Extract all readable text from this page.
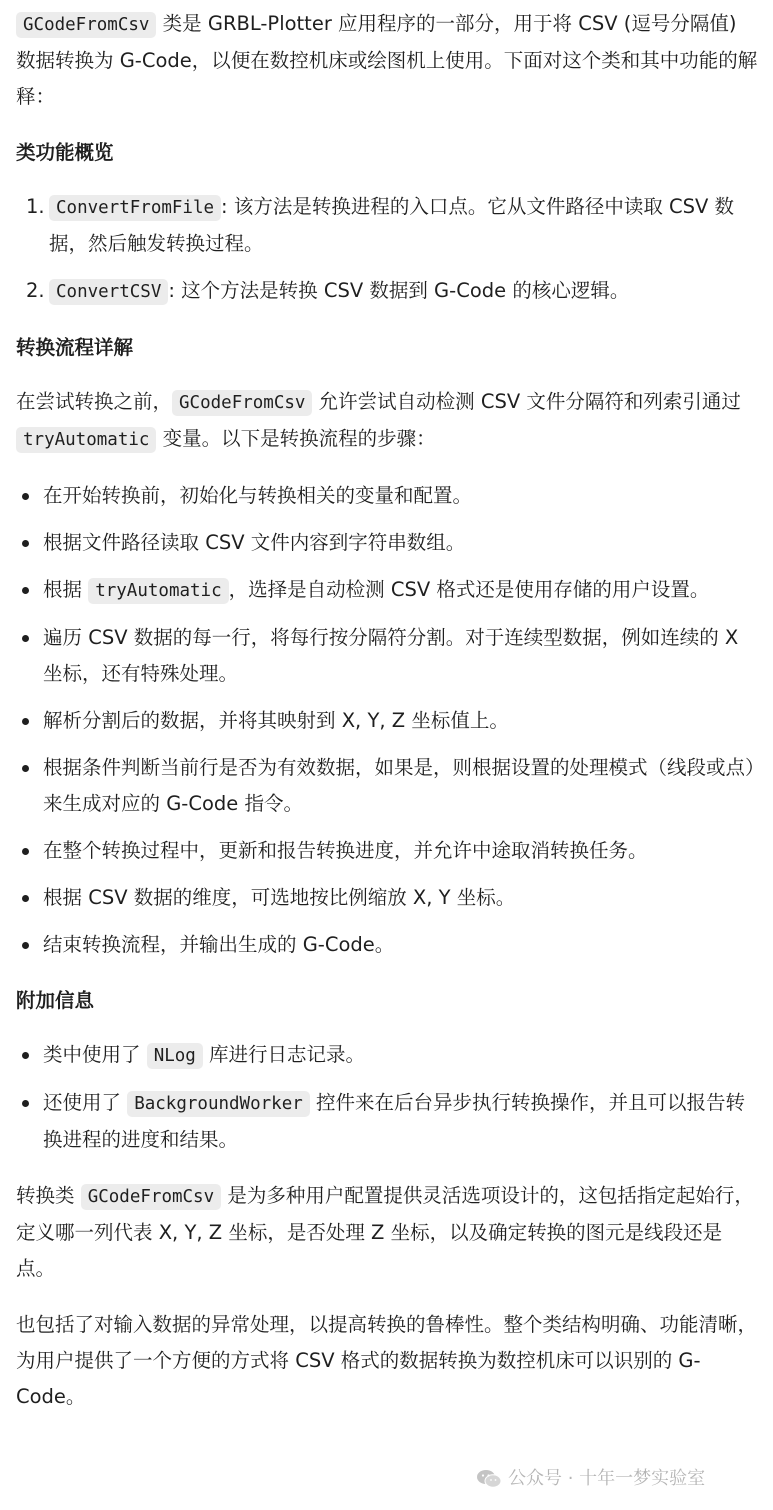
GCodeFromCsv 类是 GRBL-Plotter 应用程序的一部分，用于将 CSV (逗号分隔值) 数据转换为 G-Code，以便在数控机床或绘图机上使用。下面对这个类和其中功能的解释：

类功能概览
1. ConvertFromFile : 该方法是转换进程的入口点。它从文件路径中读取 CSV 数据，然后触发转换过程。
2. ConvertCSV : 这个方法是转换 CSV 数据到 G-Code 的核心逻辑。
转换流程详解

在尝试转换之前， GCodeFromCsv 允许尝试自动检测 CSV 文件分隔符和列索引通过 tryAutomatic 变量。以下是转换流程的步骤：

在开始转换前，初始化与转换相关的变量和配置。
根据文件路径读取 CSV 文件内容到字符串数组。
根据 tryAutomatic ，选择是自动检测 CSV 格式还是使用存储的用户设置。
遍历 CSV 数据的每一行，将每行按分隔符分割。对于连续型数据，例如连续的 X 坐标，还有特殊处理。
解析分割后的数据，并将其映射到 X, Y, Z 坐标值上。
根据条件判断当前行是否为有效数据，如果是，则根据设置的处理模式（线段或点）来生成对应的 G-Code 指令。
在整个转换过程中，更新和报告转换进度，并允许中途取消转换任务。
根据 CSV 数据的维度，可选地按比例缩放 X, Y 坐标。
结束转换流程，并输出生成的 G-Code。
附加信息
类中使用了 NLog 库进行日志记录。
还使用了 BackgroundWorker 控件来在后台异步执行转换操作，并且可以报告转换进程的进度和结果。

转换类 GCodeFromCsv 是为多种用户配置提供灵活选项设计的，这包括指定起始行，定义哪一列代表 X, Y, Z 坐标，是否处理 Z 坐标，以及确定转换的图元是线段还是点。

也包括了对输入数据的异常处理，以提高转换的鲁棒性。整个类结构明确、功能清晰，为用户提供了一个方便的方式将 CSV 格式的数据转换为数控机床可以识别的 G-Code。

公众号 · 十年一梦实验室
